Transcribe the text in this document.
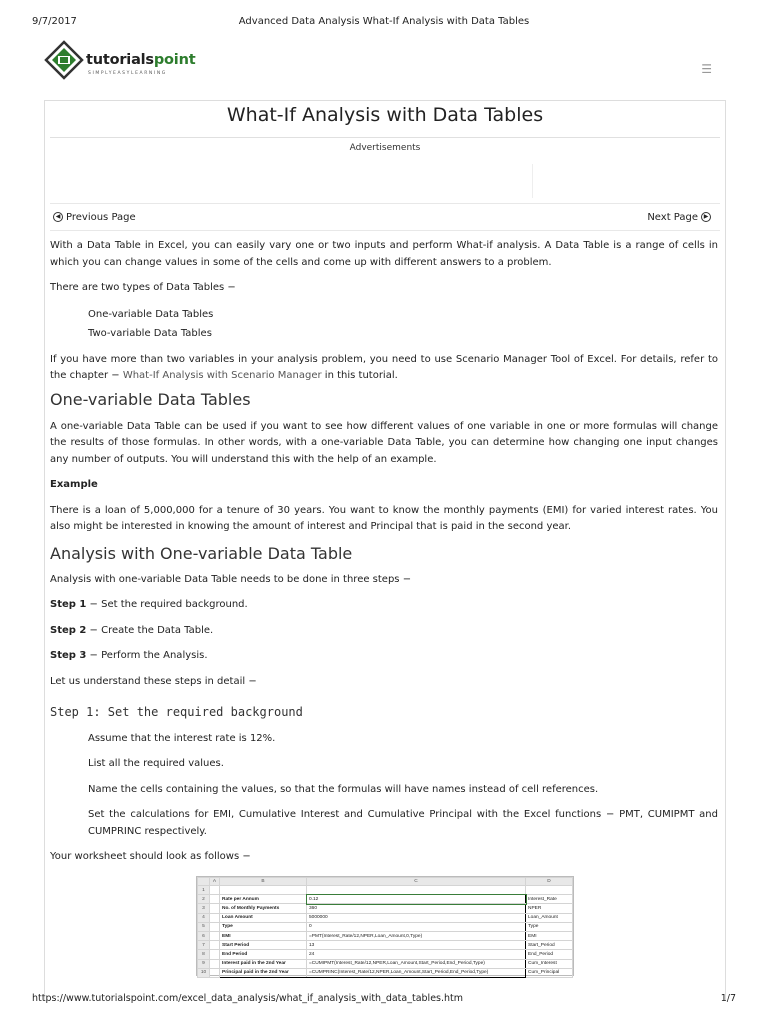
9/7/2017	Advanced Data Analysis What-If Analysis with Data Tables
tutorialspoint
SIMPLYEASYLEARNING	☰
What-If Analysis with Data Tables
Advertisements
◀ Previous Page	Next Page ▶

With a Data Table in Excel, you can easily vary one or two inputs and perform What-if analysis. A Data Table is a range of cells in which you can change values in some of the cells and come up with different answers to a problem.

There are two types of Data Tables −

One-variable Data Tables

Two-variable Data Tables

If you have more than two variables in your analysis problem, you need to use Scenario Manager Tool of Excel. For details, refer to the chapter − What-If Analysis with Scenario Manager in this tutorial.

One-variable Data Tables

A one-variable Data Table can be used if you want to see how different values of one variable in one or more formulas will change the results of those formulas. In other words, with a one-variable Data Table, you can determine how changing one input changes any number of outputs. You will understand this with the help of an example.

Example

There is a loan of 5,000,000 for a tenure of 30 years. You want to know the monthly payments (EMI) for varied interest rates. You also might be interested in knowing the amount of interest and Principal that is paid in the second year.

Analysis with One-variable Data Table

Analysis with one-variable Data Table needs to be done in three steps −

Step 1 − Set the required background.

Step 2 − Create the Data Table.

Step 3 − Perform the Analysis.

Let us understand these steps in detail −

Step 1: Set the required background

Assume that the interest rate is 12%.

List all the required values.

Name the cells containing the values, so that the formulas will have names instead of cell references.

Set the calculations for EMI, Cumulative Interest and Cumulative Principal with the Excel functions − PMT, CUMIPMT and CUMPRINC respectively.

Your worksheet should look as follows −

	A	B	C	D
1				
2		Rate per Annum	0.12	Interest_Rate
3		No. of Monthly Payments	360	NPER
4		Loan Amount	5000000	Loan_Amount
5		Type	0	Type
6		EMI	=PMT(Interest_Rate/12,NPER,Loan_Amount,0,Type)	EMI
7		Start Period	13	Start_Period
8		End Period	24	End_Period
9		Interest paid in the 2nd Year	=CUMIPMT(Interest_Rate/12,NPER,Loan_Amount,Start_Period,End_Period,Type)	Cum_Interest
10		Principal paid in the 2nd Year	=CUMPRINC(Interest_Rate/12,NPER,Loan_Amount,Start_Period,End_Period,Type)	Cum_Principal
https://www.tutorialspoint.com/excel_data_analysis/what_if_analysis_with_data_tables.htm	1/7
